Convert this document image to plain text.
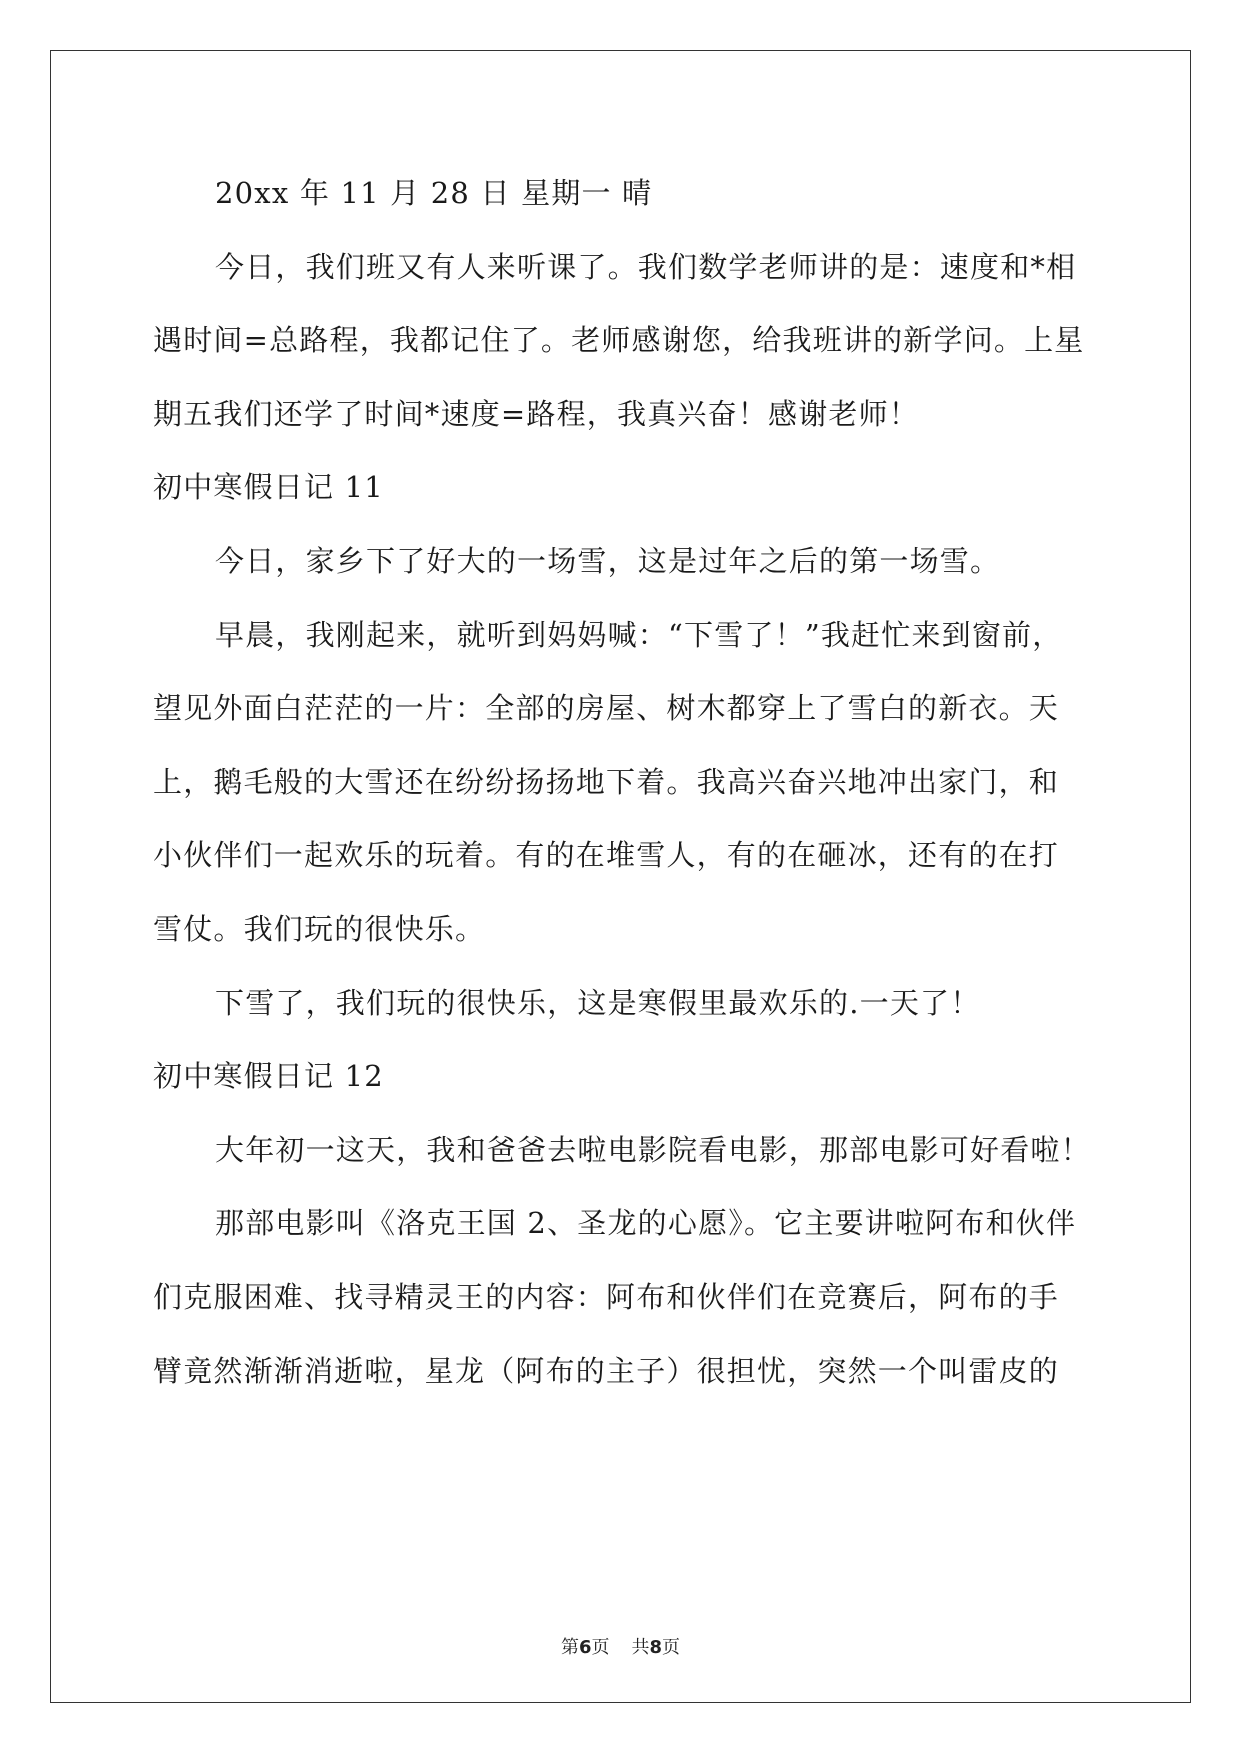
20xx 年 11 月 28 日 星期一 晴
今日，我们班又有人来听课了。我们数学老师讲的是：速度和*相
遇时间=总路程，我都记住了。老师感谢您，给我班讲的新学问。上星
期五我们还学了时间*速度=路程，我真兴奋！感谢老师！
初中寒假日记 11
今日，家乡下了好大的一场雪，这是过年之后的第一场雪。
早晨，我刚起来，就听到妈妈喊：“下雪了！”我赶忙来到窗前，
望见外面白茫茫的一片：全部的房屋、树木都穿上了雪白的新衣。天
上，鹅毛般的大雪还在纷纷扬扬地下着。我高兴奋兴地冲出家门，和
小伙伴们一起欢乐的玩着。有的在堆雪人，有的在砸冰，还有的在打
雪仗。我们玩的很快乐。
下雪了，我们玩的很快乐，这是寒假里最欢乐的.一天了！
初中寒假日记 12
大年初一这天，我和爸爸去啦电影院看电影，那部电影可好看啦！
那部电影叫《洛克王国 2、圣龙的心愿》。它主要讲啦阿布和伙伴
们克服困难、找寻精灵王的内容：阿布和伙伴们在竞赛后，阿布的手
臂竟然渐渐消逝啦，星龙（阿布的主子）很担忧，突然一个叫雷皮的
第6页 共8页
